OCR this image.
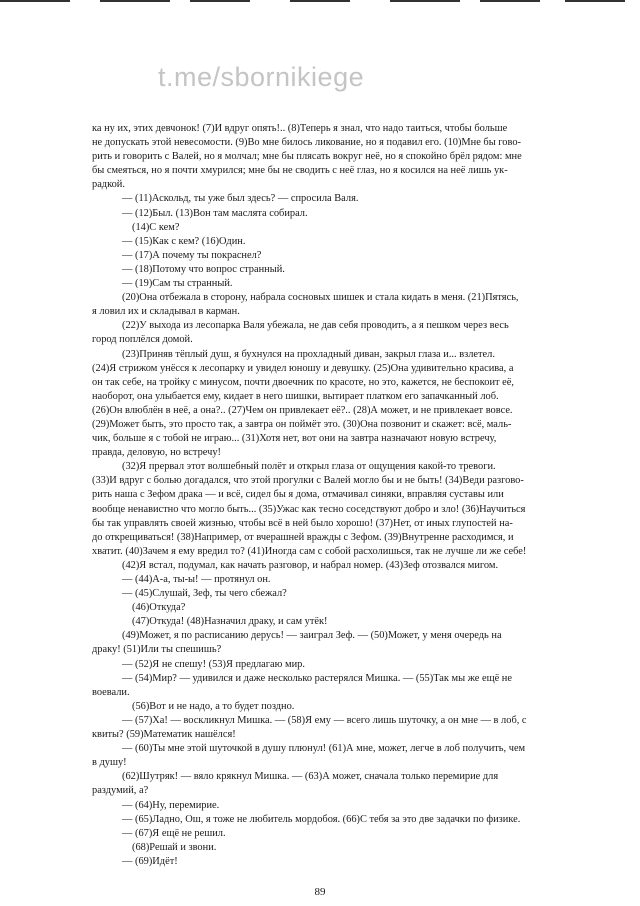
t.me/sbornikiege

ка ну их, этих девчонок! (7)И вдруг опять!.. (8)Теперь я знал, что надо таиться, чтобы больше

не допускать этой невесомости. (9)Во мне билось ликование, но я подавил его. (10)Мне бы гово-

рить и говорить с Валей, но я молчал; мне бы плясать вокруг неё, но я спокойно брёл рядом: мне

бы смеяться, но я почти хмурился; мне бы не сводить с неё глаз, но я косился на неё лишь ук-

радкой.

— (11)Аскольд, ты уже был здесь? — спросила Валя.

— (12)Был. (13)Вон там маслята собирал.

(14)С кем?

— (15)Как с кем? (16)Один.

— (17)А почему ты покраснел?

— (18)Потому что вопрос странный.

— (19)Сам ты странный.

(20)Она отбежала в сторону, набрала сосновых шишек и стала кидать в меня. (21)Пятясь,

я ловил их и складывал в карман.

(22)У выхода из лесопарка Валя убежала, не дав себя проводить, а я пешком через весь

город поплёлся домой.

(23)Приняв тёплый душ, я бухнулся на прохладный диван, закрыл глаза и... взлетел.

(24)Я стрижом унёсся к лесопарку и увидел юношу и девушку. (25)Она удивительно красива, а

он так себе, на тройку с минусом, почти двоечник по красоте, но это, кажется, не беспокоит её,

наоборот, она улыбается ему, кидает в него шишки, вытирает платком его запачканный лоб.

(26)Он влюблён в неё, а она?.. (27)Чем он привлекает её?.. (28)А может, и не привлекает вовсе.

(29)Может быть, это просто так, а завтра он поймёт это. (30)Она позвонит и скажет: всё, маль-

чик, больше я с тобой не играю... (31)Хотя нет, вот они на завтра назначают новую встречу,

правда, деловую, но встречу!

(32)Я прервал этот волшебный полёт и открыл глаза от ощущения какой-то тревоги.

(33)И вдруг с болью догадался, что этой прогулки с Валей могло бы и не быть! (34)Веди разгово-

рить наша с Зефом драка — и всё, сидел бы я дома, отмачивал синяки, вправляя суставы или

вообще ненавистно что могло быть... (35)Ужас как тесно соседствуют добро и зло! (36)Научиться

бы так управлять своей жизнью, чтобы всё в ней было хорошо! (37)Нет, от иных глупостей на-

до открещиваться! (38)Например, от вчерашней вражды с Зефом. (39)Внутренне расходимся, и

хватит. (40)Зачем я ему вредил то? (41)Иногда сам с собой расхолишься, так не лучше ли же себе!

(42)Я встал, подумал, как начать разговор, и набрал номер. (43)Зеф отозвался мигом.

— (44)А-а, ты-ы! — протянул он.

— (45)Слушай, Зеф, ты чего сбежал?

(46)Откуда?

(47)Откуда! (48)Назначил драку, и сам утёк!

(49)Может, я по расписанию дерусь! — заиграл Зеф. — (50)Может, у меня очередь на

драку! (51)Или ты спешишь?

— (52)Я не спешу! (53)Я предлагаю мир.

— (54)Мир? — удивился и даже несколько растерялся Мишка. — (55)Так мы же ещё не

воевали.

(56)Вот и не надо, а то будет поздно.

— (57)Ха! — воскликнул Мишка. — (58)Я ему — всего лишь шуточку, а он мне — в лоб, с

квиты? (59)Математик нашёлся!

— (60)Ты мне этой шуточкой в душу плюнул! (61)А мне, может, легче в лоб получить, чем

в душу!

(62)Шутряк! — вяло крякнул Мишка. — (63)А может, сначала только перемирие для

раздумий, а?

— (64)Ну, перемирие.

— (65)Ладно, Ош, я тоже не любитель мордобоя. (66)С тебя за это две задачки по физике.

— (67)Я ещё не решил.

(68)Решай и звони.

— (69)Идёт!

89
